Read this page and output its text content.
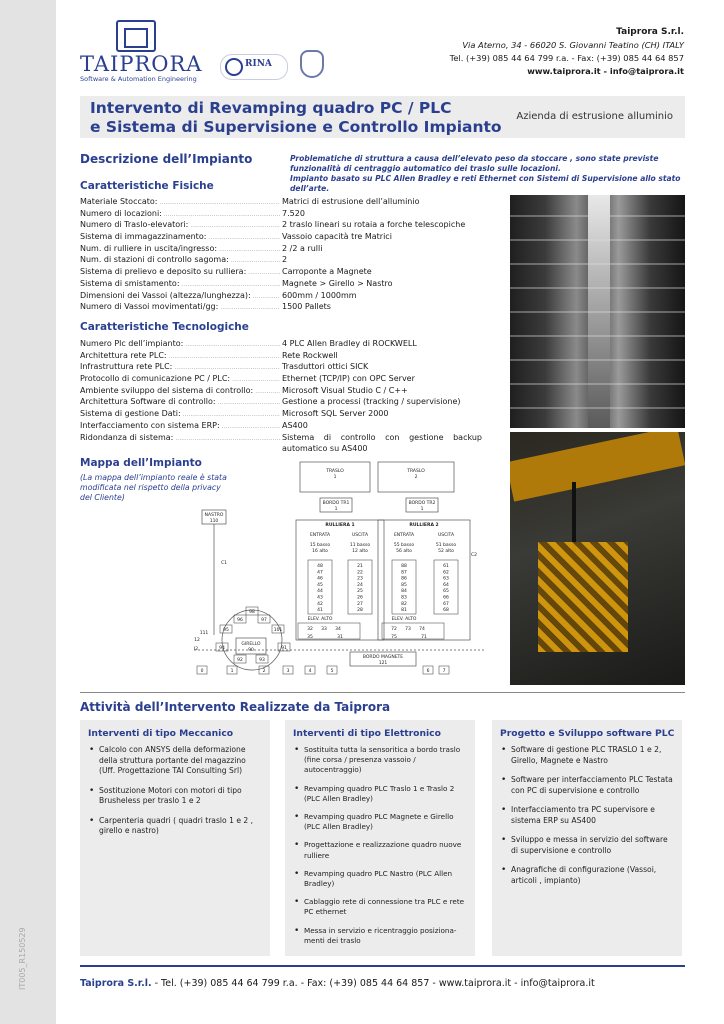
IT005_R150529
TAIPRORA
Software & Automation Engineering
RINA
Taiprora S.r.l.
Via Aterno, 34 - 66020 S. Giovanni Teatino (CH) ITALY
Tel. (+39) 085 44 64 799 r.a. - Fax: (+39) 085 44 64 857
www.taiprora.it - info@taiprora.it
Intervento di Revamping quadro PC / PLC
e Sistema di Supervisione e Controllo Impianto
Azienda di estrusione alluminio
Descrizione dell’Impianto	Problematiche di struttura a causa dell’elevato peso da stoccare , sono state previste funzionalità di centraggio automatico dei traslo sulle locazioni.
Impianto basato su PLC Allen Bradley e reti Ethernet con Sistemi di Supervisione allo stato dell’arte.
Caratteristiche Fisiche
Materiale Stoccato: .....	Matrici di estrusione dell’alluminio
Numero di locazioni: .....	7.520
Numero di Traslo-elevatori: .....	2 traslo lineari su rotaia a forche telescopiche
Sistema di immagazzinamento: .....	Vassoio capacità tre Matrici
Num. di rulliere in uscita/ingresso: .....	2 /2 a rulli
Num. di stazioni di controllo sagoma: .....	2
Sistema di prelievo e deposito su rulliera: .....	Carroponte a Magnete
Sistema di smistamento: .....	Magnete > Girello > Nastro
Dimensioni dei Vassoi (altezza/lunghezza): .....	600mm / 1000mm
Numero di Vassoi movimentati/gg: .....	1500 Pallets
Caratteristiche Tecnologiche
Numero Plc dell’impianto: .....	4 PLC Allen Bradley di ROCKWELL
Architettura rete PLC: .....	Rete Rockwell
Infrastruttura rete PLC: .....	Trasduttori ottici SICK
Protocollo di comunicazione PC / PLC: .....	Ethernet (TCP/IP) con OPC Server
Ambiente sviluppo del sistema di controllo: .....	Microsoft Visual Studio C / C++
Architettura Software di controllo: .....	Gestione a processi (tracking / supervisione)
Sistema di gestione Dati: .....	Microsoft SQL Server 2000
Interfacciamento con sistema ERP: .....	AS400
Ridondanza di sistema: .....	Sistema di controllo con gestione backup automatico su AS400
Mappa dell’Impianto
(La mappa dell’impianto reale è stata modificata nel rispetto della privacy del Cliente)
TRASLO
1
TRASLO
2
BORDO TR1
1
BORDO TR2
1
NASTRO
110
RULLIERA 1	RULLIERA 2
ENTRATA	USCITA	ENTRATA	USCITA
15 basso
16 alto
11 basso
12 alto
55 basso
56 alto
51 basso
52 alto
C1
C2
I2
ELEV. ALTO	ELEV. ALTO
BORDO MAGNETE
121
GIRELLO
90
111
12
48
47
46
45
44
43
42
41
21
22
23
24
25
26
27
28
88
87
86
85
84
83
82
81
61
62
63
64
65
66
67
68
32 33 34
35	31
72 73 74
75	71
96	97
95	101
94
92	93
91
98
0	1	2	3	4	5	6	7
Attività dell’Intervento Realizzate da Taiprora
Interventi di tipo Meccanico
• Calcolo con ANSYS della deformazione della struttura portante del magazzino (Uff. Progettazione TAI Consulting Srl)
• Sostituzione Motori con motori di tipo Brusheless per traslo 1 e 2
• Carpenteria quadri ( quadri traslo 1 e 2 , girello e nastro)
Interventi di tipo Elettronico
• Sostituita tutta la sensoritica a bordo traslo (fine corsa / presenza vassoio / autocentraggio)
• Revamping quadro PLC Traslo 1 e Traslo 2 (PLC Allen Bradley)
• Revamping quadro PLC Magnete e Girello (PLC Allen Bradley)
• Progettazione e realizzazione quadro nuove rulliere
• Revamping quadro PLC Nastro (PLC Allen Bradley)
• Cablaggio rete di connessione tra PLC e rete PC ethernet
• Messa in servizio e ricentraggio posiziona-menti dei traslo
Progetto e Sviluppo software PLC
• Software di gestione PLC TRASLO 1 e 2, Girello, Magnete e Nastro
• Software per interfacciamento PLC Testata con PC di supervisione e controllo
• Interfacciamento tra PC supervisore e sistema ERP su AS400
• Sviluppo e messa in servizio del software di supervisione e controllo
• Anagrafiche di configurazione (Vassoi, articoli , impianto)
Taiprora S.r.l. - Tel. (+39) 085 44 64 799 r.a. - Fax: (+39) 085 44 64 857 - www.taiprora.it - info@taiprora.it
